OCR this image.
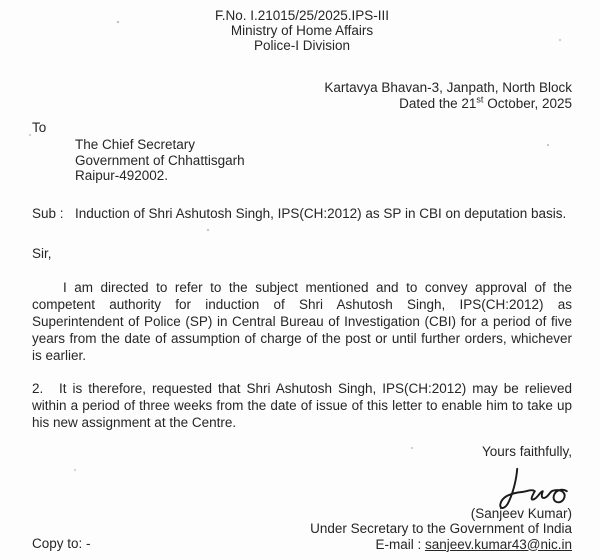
F.No. I.21015/25/2025.IPS-III
Ministry of Home Affairs
Police-I Division
Kartavya Bhavan-3, Janpath, North Block
Dated the 21st October, 2025
To
The Chief Secretary
Government of Chhattisgarh
Raipur-492002.
Sub : Induction of Shri Ashutosh Singh, IPS(CH:2012) as SP in CBI on deputation basis.
Sir,

I am directed to refer to the subject mentioned and to convey approval of the competent authority for induction of Shri Ashutosh Singh, IPS(CH:2012) as Superintendent of Police (SP) in Central Bureau of Investigation (CBI) for a period of five years from the date of assumption of charge of the post or until further orders, whichever is earlier.

2. It is therefore, requested that Shri Ashutosh Singh, IPS(CH:2012) may be relieved within a period of three weeks from the date of issue of this letter to enable him to take up his new assignment at the Centre.

Yours faithfully,
(Sanjeev Kumar)
Under Secretary to the Government of India
E-mail : sanjeev.kumar43@nic.in
Copy to: -
